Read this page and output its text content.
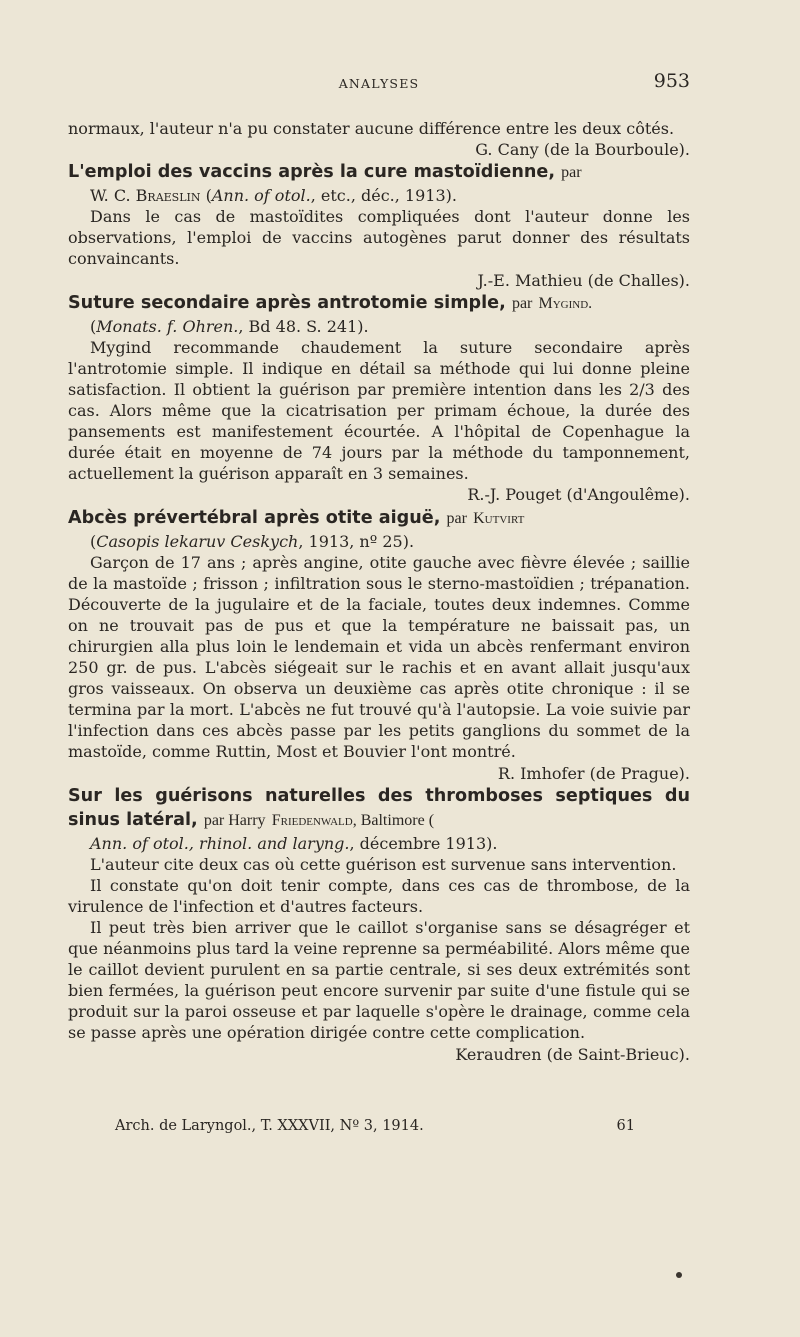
ANALYSES	953

normaux, l'auteur n'a pu constater aucune différence entre les deux côtés.

G. Cany (de la Bourboule).

L'emploi des vaccins après la cure mastoïdienne, par

W. C. Braeslin (Ann. of otol., etc., déc., 1913).

Dans le cas de mastoïdites compliquées dont l'auteur donne les observations, l'emploi de vaccins autogènes parut donner des résultats convaincants.

J.-E. Mathieu (de Challes).

Suture secondaire après antrotomie simple, par Mygind.

(Monats. f. Ohren., Bd 48. S. 241).

Mygind recommande chaudement la suture secondaire après l'antrotomie simple. Il indique en détail sa méthode qui lui donne pleine satisfaction. Il obtient la guérison par première intention dans les 2/3 des cas. Alors même que la cicatrisation per primam échoue, la durée des pansements est manifestement écourtée. A l'hôpital de Copenhague la durée était en moyenne de 74 jours par la méthode du tamponnement, actuellement la guérison apparaît en 3 semaines.

R.-J. Pouget (d'Angoulême).

Abcès prévertébral après otite aiguë, par Kutvirt

(Casopis lekaruv Ceskych, 1913, nº 25).

Garçon de 17 ans ; après angine, otite gauche avec fièvre élevée ; saillie de la mastoïde ; frisson ; infiltration sous le sterno-mastoïdien ; trépanation. Découverte de la jugulaire et de la faciale, toutes deux indemnes. Comme on ne trouvait pas de pus et que la température ne baissait pas, un chirurgien alla plus loin le lendemain et vida un abcès renfermant environ 250 gr. de pus. L'abcès siégeait sur le rachis et en avant allait jusqu'aux gros vaisseaux. On observa un deuxième cas après otite chronique : il se termina par la mort. L'abcès ne fut trouvé qu'à l'autopsie. La voie suivie par l'infection dans ces abcès passe par les petits ganglions du sommet de la mastoïde, comme Ruttin, Most et Bouvier l'ont montré.

R. Imhofer (de Prague).

Sur les guérisons naturelles des thromboses septiques du sinus latéral, par Harry Friedenwald, Baltimore (

Ann. of otol., rhinol. and laryng., décembre 1913).

L'auteur cite deux cas où cette guérison est survenue sans intervention.

Il constate qu'on doit tenir compte, dans ces cas de thrombose, de la virulence de l'infection et d'autres facteurs.

Il peut très bien arriver que le caillot s'organise sans se désagréger et que néanmoins plus tard la veine reprenne sa perméabilité. Alors même que le caillot devient purulent en sa partie centrale, si ses deux extrémités sont bien fermées, la guérison peut encore survenir par suite d'une fistule qui se produit sur la paroi osseuse et par laquelle s'opère le drainage, comme cela se passe après une opération dirigée contre cette complication.

Keraudren (de Saint-Brieuc).

Arch. de Laryngol., T. XXXVII, Nº 3, 1914.	61
